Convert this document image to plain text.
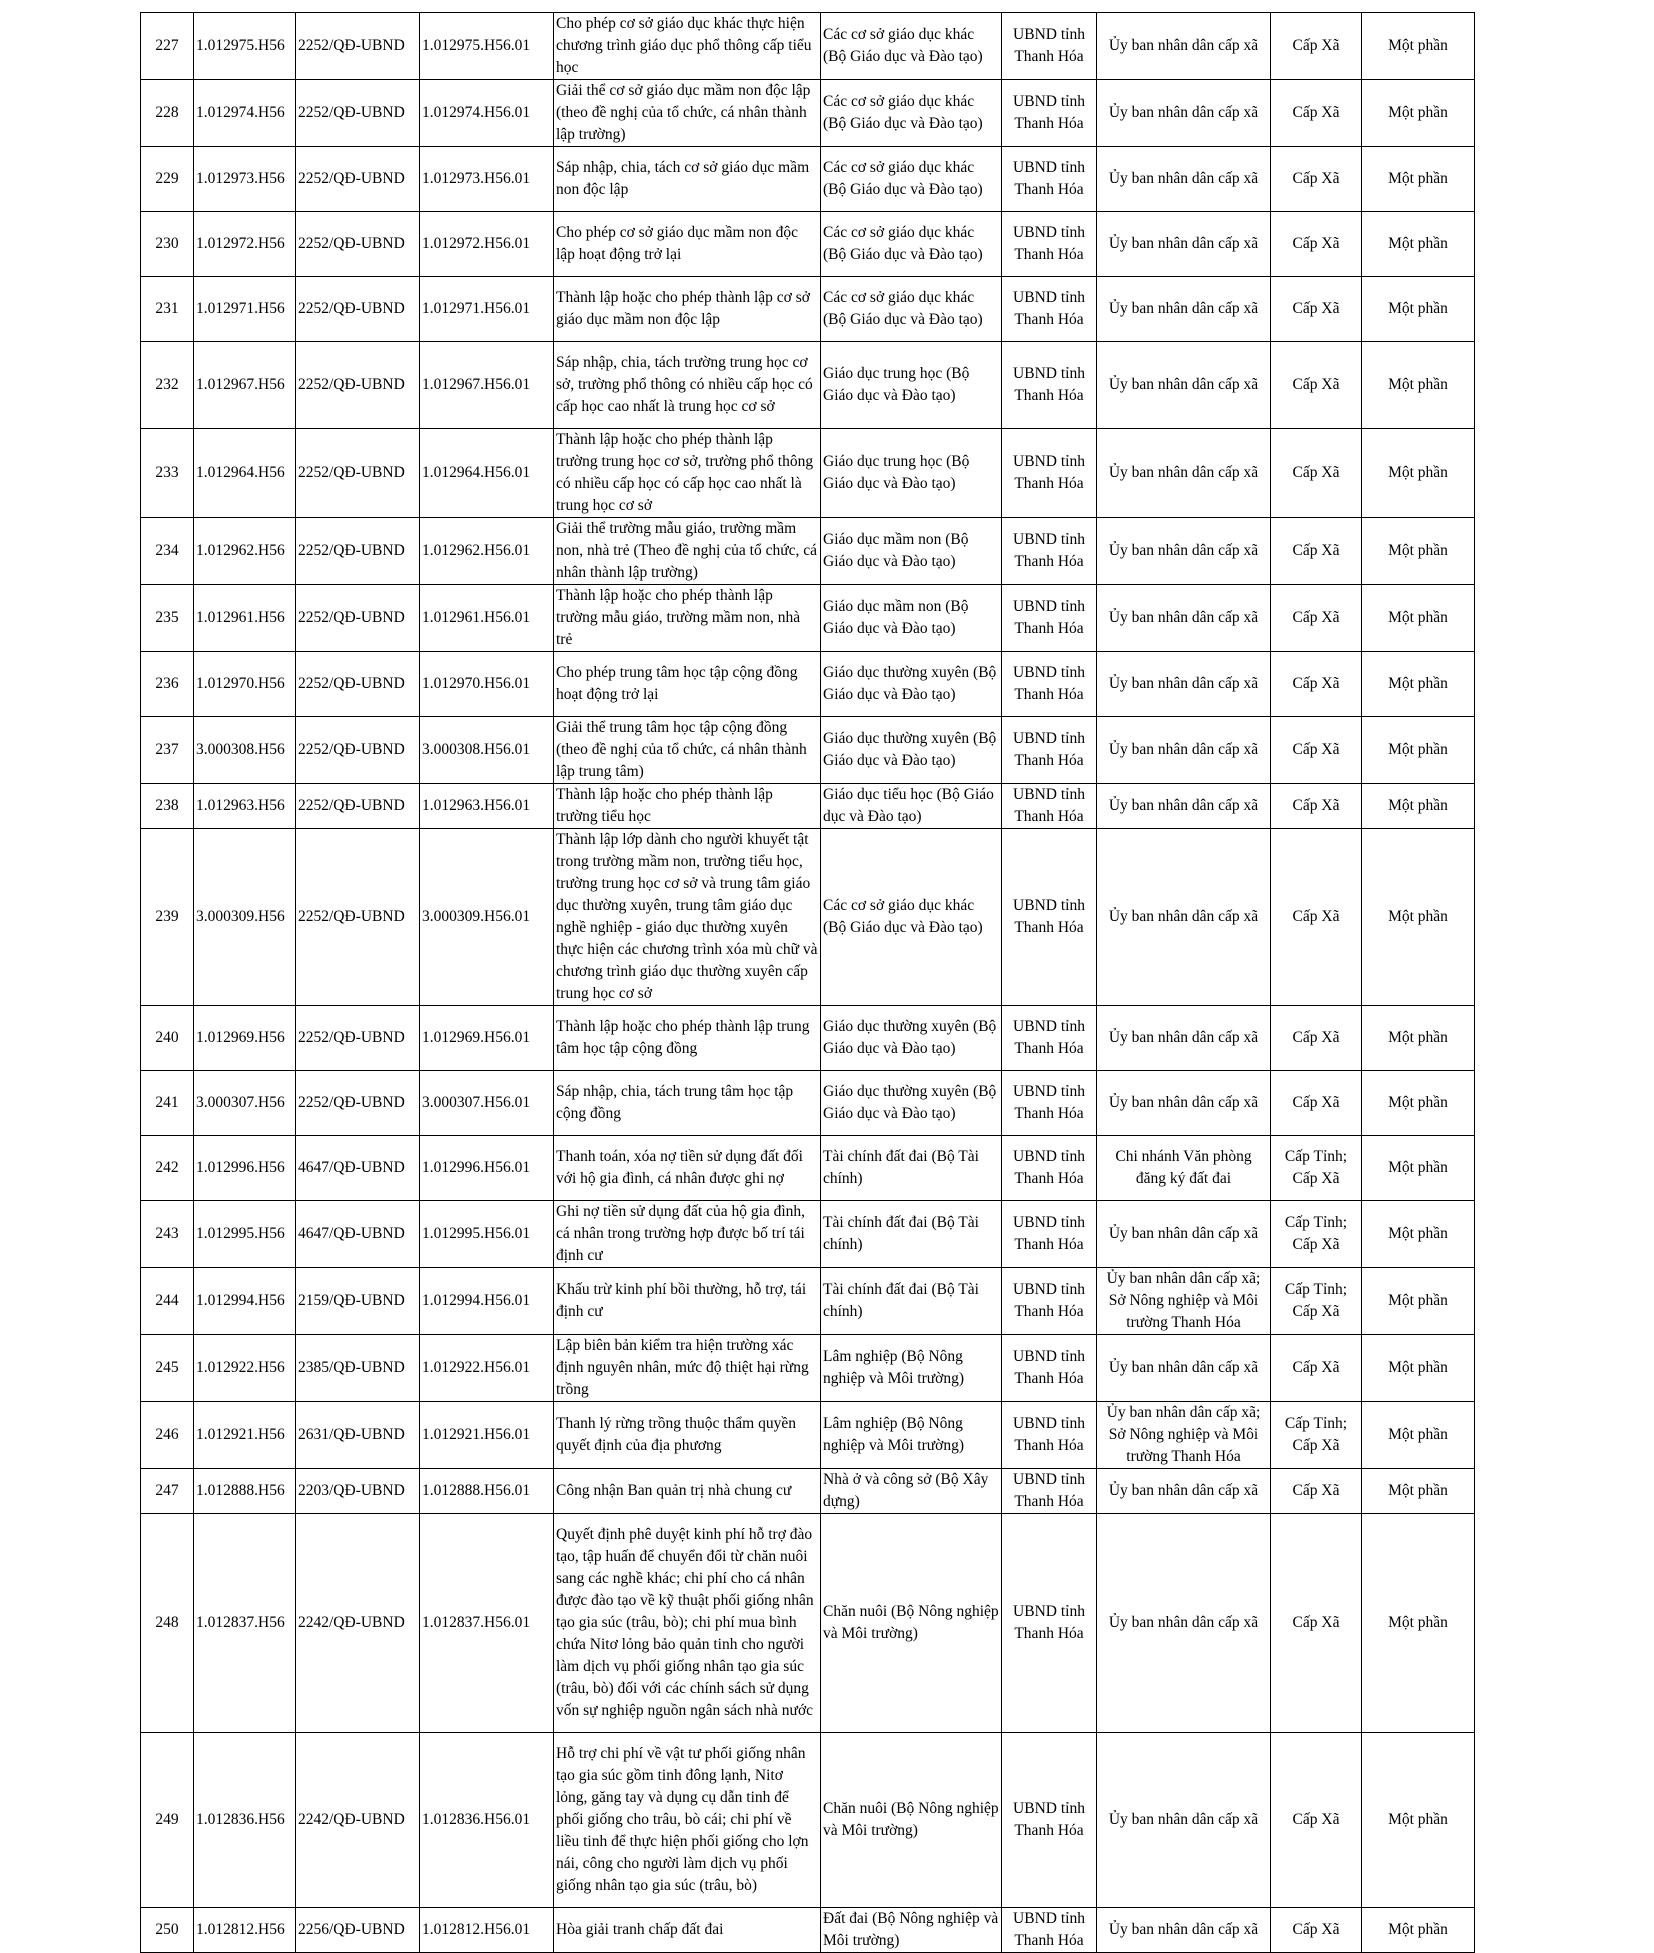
227	1.012975.H56	2252/QĐ-UBND	1.012975.H56.01	Cho phép cơ sở giáo dục khác thực hiện chương trình giáo dục phổ thông cấp tiểu học	Các cơ sở giáo dục khác (Bộ Giáo dục và Đào tạo)	UBND tỉnh
Thanh Hóa	Ủy ban nhân dân cấp xã	Cấp Xã	Một phần
228	1.012974.H56	2252/QĐ-UBND	1.012974.H56.01	Giải thể cơ sở giáo dục mầm non độc lập (theo đề nghị của tổ chức, cá nhân thành lập trường)	Các cơ sở giáo dục khác (Bộ Giáo dục và Đào tạo)	UBND tỉnh
Thanh Hóa	Ủy ban nhân dân cấp xã	Cấp Xã	Một phần
229	1.012973.H56	2252/QĐ-UBND	1.012973.H56.01	Sáp nhập, chia, tách cơ sở giáo dục mầm non độc lập	Các cơ sở giáo dục khác (Bộ Giáo dục và Đào tạo)	UBND tỉnh
Thanh Hóa	Ủy ban nhân dân cấp xã	Cấp Xã	Một phần
230	1.012972.H56	2252/QĐ-UBND	1.012972.H56.01	Cho phép cơ sở giáo dục mầm non độc lập hoạt động trở lại	Các cơ sở giáo dục khác (Bộ Giáo dục và Đào tạo)	UBND tỉnh
Thanh Hóa	Ủy ban nhân dân cấp xã	Cấp Xã	Một phần
231	1.012971.H56	2252/QĐ-UBND	1.012971.H56.01	Thành lập hoặc cho phép thành lập cơ sở giáo dục mầm non độc lập	Các cơ sở giáo dục khác (Bộ Giáo dục và Đào tạo)	UBND tỉnh
Thanh Hóa	Ủy ban nhân dân cấp xã	Cấp Xã	Một phần
232	1.012967.H56	2252/QĐ-UBND	1.012967.H56.01	Sáp nhập, chia, tách trường trung học cơ sở, trường phổ thông có nhiều cấp học có cấp học cao nhất là trung học cơ sở	Giáo dục trung học (Bộ Giáo dục và Đào tạo)	UBND tỉnh
Thanh Hóa	Ủy ban nhân dân cấp xã	Cấp Xã	Một phần
233	1.012964.H56	2252/QĐ-UBND	1.012964.H56.01	Thành lập hoặc cho phép thành lập trường trung học cơ sở, trường phổ thông có nhiều cấp học có cấp học cao nhất là trung học cơ sở	Giáo dục trung học (Bộ Giáo dục và Đào tạo)	UBND tỉnh
Thanh Hóa	Ủy ban nhân dân cấp xã	Cấp Xã	Một phần
234	1.012962.H56	2252/QĐ-UBND	1.012962.H56.01	Giải thể trường mẫu giáo, trường mầm non, nhà trẻ (Theo đề nghị của tổ chức, cá nhân thành lập trường)	Giáo dục mầm non (Bộ Giáo dục và Đào tạo)	UBND tỉnh
Thanh Hóa	Ủy ban nhân dân cấp xã	Cấp Xã	Một phần
235	1.012961.H56	2252/QĐ-UBND	1.012961.H56.01	Thành lập hoặc cho phép thành lập trường mẫu giáo, trường mầm non, nhà trẻ	Giáo dục mầm non (Bộ Giáo dục và Đào tạo)	UBND tỉnh
Thanh Hóa	Ủy ban nhân dân cấp xã	Cấp Xã	Một phần
236	1.012970.H56	2252/QĐ-UBND	1.012970.H56.01	Cho phép trung tâm học tập cộng đồng hoạt động trở lại	Giáo dục thường xuyên (Bộ Giáo dục và Đào tạo)	UBND tỉnh
Thanh Hóa	Ủy ban nhân dân cấp xã	Cấp Xã	Một phần
237	3.000308.H56	2252/QĐ-UBND	3.000308.H56.01	Giải thể trung tâm học tập cộng đồng (theo đề nghị của tổ chức, cá nhân thành lập trung tâm)	Giáo dục thường xuyên (Bộ Giáo dục và Đào tạo)	UBND tỉnh
Thanh Hóa	Ủy ban nhân dân cấp xã	Cấp Xã	Một phần
238	1.012963.H56	2252/QĐ-UBND	1.012963.H56.01	Thành lập hoặc cho phép thành lập trường tiểu học	Giáo dục tiểu học (Bộ Giáo dục và Đào tạo)	UBND tỉnh
Thanh Hóa	Ủy ban nhân dân cấp xã	Cấp Xã	Một phần
239	3.000309.H56	2252/QĐ-UBND	3.000309.H56.01	Thành lập lớp dành cho người khuyết tật trong trường mầm non, trường tiểu học, trường trung học cơ sở và trung tâm giáo dục thường xuyên, trung tâm giáo dục nghề nghiệp - giáo dục thường xuyên thực hiện các chương trình xóa mù chữ và chương trình giáo dục thường xuyên cấp trung học cơ sở	Các cơ sở giáo dục khác (Bộ Giáo dục và Đào tạo)	UBND tỉnh
Thanh Hóa	Ủy ban nhân dân cấp xã	Cấp Xã	Một phần
240	1.012969.H56	2252/QĐ-UBND	1.012969.H56.01	Thành lập hoặc cho phép thành lập trung tâm học tập cộng đồng	Giáo dục thường xuyên (Bộ Giáo dục và Đào tạo)	UBND tỉnh
Thanh Hóa	Ủy ban nhân dân cấp xã	Cấp Xã	Một phần
241	3.000307.H56	2252/QĐ-UBND	3.000307.H56.01	Sáp nhập, chia, tách trung tâm học tập cộng đồng	Giáo dục thường xuyên (Bộ Giáo dục và Đào tạo)	UBND tỉnh
Thanh Hóa	Ủy ban nhân dân cấp xã	Cấp Xã	Một phần
242	1.012996.H56	4647/QĐ-UBND	1.012996.H56.01	Thanh toán, xóa nợ tiền sử dụng đất đối với hộ gia đình, cá nhân được ghi nợ	Tài chính đất đai (Bộ Tài chính)	UBND tỉnh
Thanh Hóa	Chi nhánh Văn phòng đăng ký đất đai	Cấp Tỉnh;
Cấp Xã	Một phần
243	1.012995.H56	4647/QĐ-UBND	1.012995.H56.01	Ghi nợ tiền sử dụng đất của hộ gia đình, cá nhân trong trường hợp được bố trí tái định cư	Tài chính đất đai (Bộ Tài chính)	UBND tỉnh
Thanh Hóa	Ủy ban nhân dân cấp xã	Cấp Tỉnh;
Cấp Xã	Một phần
244	1.012994.H56	2159/QĐ-UBND	1.012994.H56.01	Khấu trừ kinh phí bồi thường, hỗ trợ, tái định cư	Tài chính đất đai (Bộ Tài chính)	UBND tỉnh
Thanh Hóa	Ủy ban nhân dân cấp xã;
Sở Nông nghiệp và Môi trường Thanh Hóa	Cấp Tỉnh;
Cấp Xã	Một phần
245	1.012922.H56	2385/QĐ-UBND	1.012922.H56.01	Lập biên bản kiểm tra hiện trường xác định nguyên nhân, mức độ thiệt hại rừng trồng	Lâm nghiệp (Bộ Nông nghiệp và Môi trường)	UBND tỉnh
Thanh Hóa	Ủy ban nhân dân cấp xã	Cấp Xã	Một phần
246	1.012921.H56	2631/QĐ-UBND	1.012921.H56.01	Thanh lý rừng trồng thuộc thẩm quyền quyết định của địa phương	Lâm nghiệp (Bộ Nông nghiệp và Môi trường)	UBND tỉnh
Thanh Hóa	Ủy ban nhân dân cấp xã;
Sở Nông nghiệp và Môi trường Thanh Hóa	Cấp Tỉnh;
Cấp Xã	Một phần
247	1.012888.H56	2203/QĐ-UBND	1.012888.H56.01	Công nhận Ban quản trị nhà chung cư	Nhà ở và công sở (Bộ Xây dựng)	UBND tỉnh
Thanh Hóa	Ủy ban nhân dân cấp xã	Cấp Xã	Một phần
248	1.012837.H56	2242/QĐ-UBND	1.012837.H56.01	Quyết định phê duyệt kinh phí hỗ trợ đào tạo, tập huấn để chuyển đổi từ chăn nuôi sang các nghề khác; chi phí cho cá nhân được đào tạo về kỹ thuật phối giống nhân tạo gia súc (trâu, bò); chi phí mua bình chứa Nitơ lỏng bảo quản tinh cho người làm dịch vụ phối giống nhân tạo gia súc (trâu, bò) đối với các chính sách sử dụng vốn sự nghiệp nguồn ngân sách nhà nước	Chăn nuôi (Bộ Nông nghiệp và Môi trường)	UBND tỉnh
Thanh Hóa	Ủy ban nhân dân cấp xã	Cấp Xã	Một phần
249	1.012836.H56	2242/QĐ-UBND	1.012836.H56.01	Hỗ trợ chi phí về vật tư phối giống nhân tạo gia súc gồm tinh đông lạnh, Nitơ lỏng, găng tay và dụng cụ dẫn tinh để phối giống cho trâu, bò cái; chi phí về liều tinh để thực hiện phối giống cho lợn nái, công cho người làm dịch vụ phối giống nhân tạo gia súc (trâu, bò)	Chăn nuôi (Bộ Nông nghiệp và Môi trường)	UBND tỉnh
Thanh Hóa	Ủy ban nhân dân cấp xã	Cấp Xã	Một phần
250	1.012812.H56	2256/QĐ-UBND	1.012812.H56.01	Hòa giải tranh chấp đất đai	Đất đai (Bộ Nông nghiệp và Môi trường)	UBND tỉnh
Thanh Hóa	Ủy ban nhân dân cấp xã	Cấp Xã	Một phần
